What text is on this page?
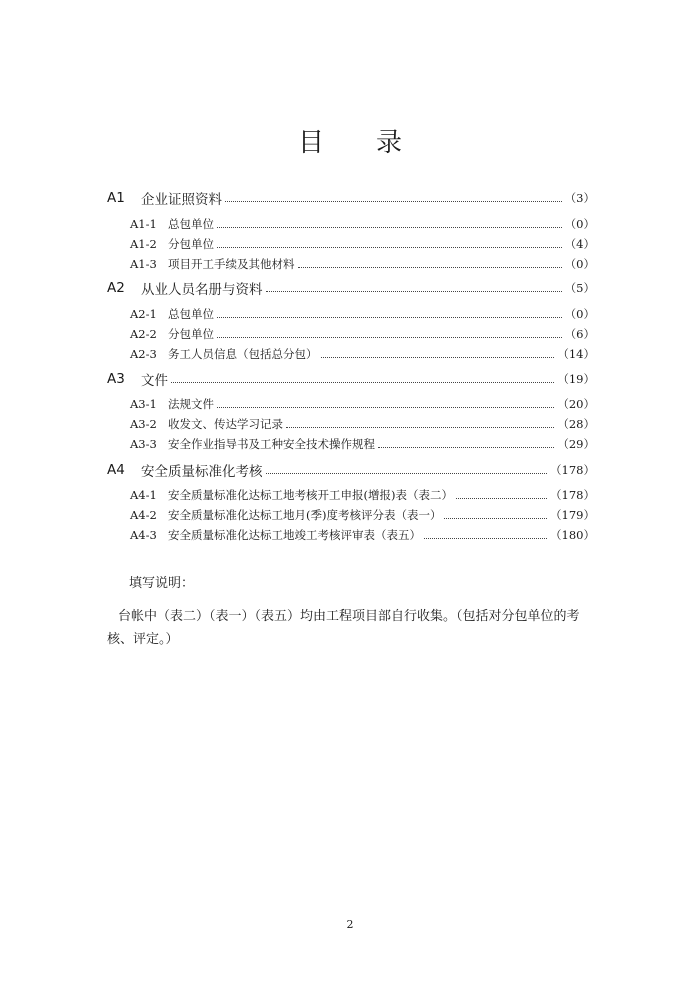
目 录
A1	企业证照资料	（3）
A1-1 总包单位	（0）
A1-2 分包单位	（4）
A1-3 项目开工手续及其他材料	（0）
A2	从业人员名册与资料	（5）
A2-1 总包单位	（0）
A2-2 分包单位	（6）
A2-3 务工人员信息（包括总分包）	（14）
A3	文件	（19）
A3-1 法规文件	（20）
A3-2 收发文、传达学习记录	（28）
A3-3 安全作业指导书及工种安全技术操作规程	（29）
A4	安全质量标准化考核	（178）
A4-1 安全质量标准化达标工地考核开工申报(增报)表（表二）	（178）
A4-2 安全质量标准化达标工地月(季)度考核评分表（表一）	（179）
A4-3 安全质量标准化达标工地竣工考核评审表（表五）	（180）
填写说明：
台帐中（表二）（表一）（表五）均由工程项目部自行收集。（包括对分包单位的考核、评定。）
2
